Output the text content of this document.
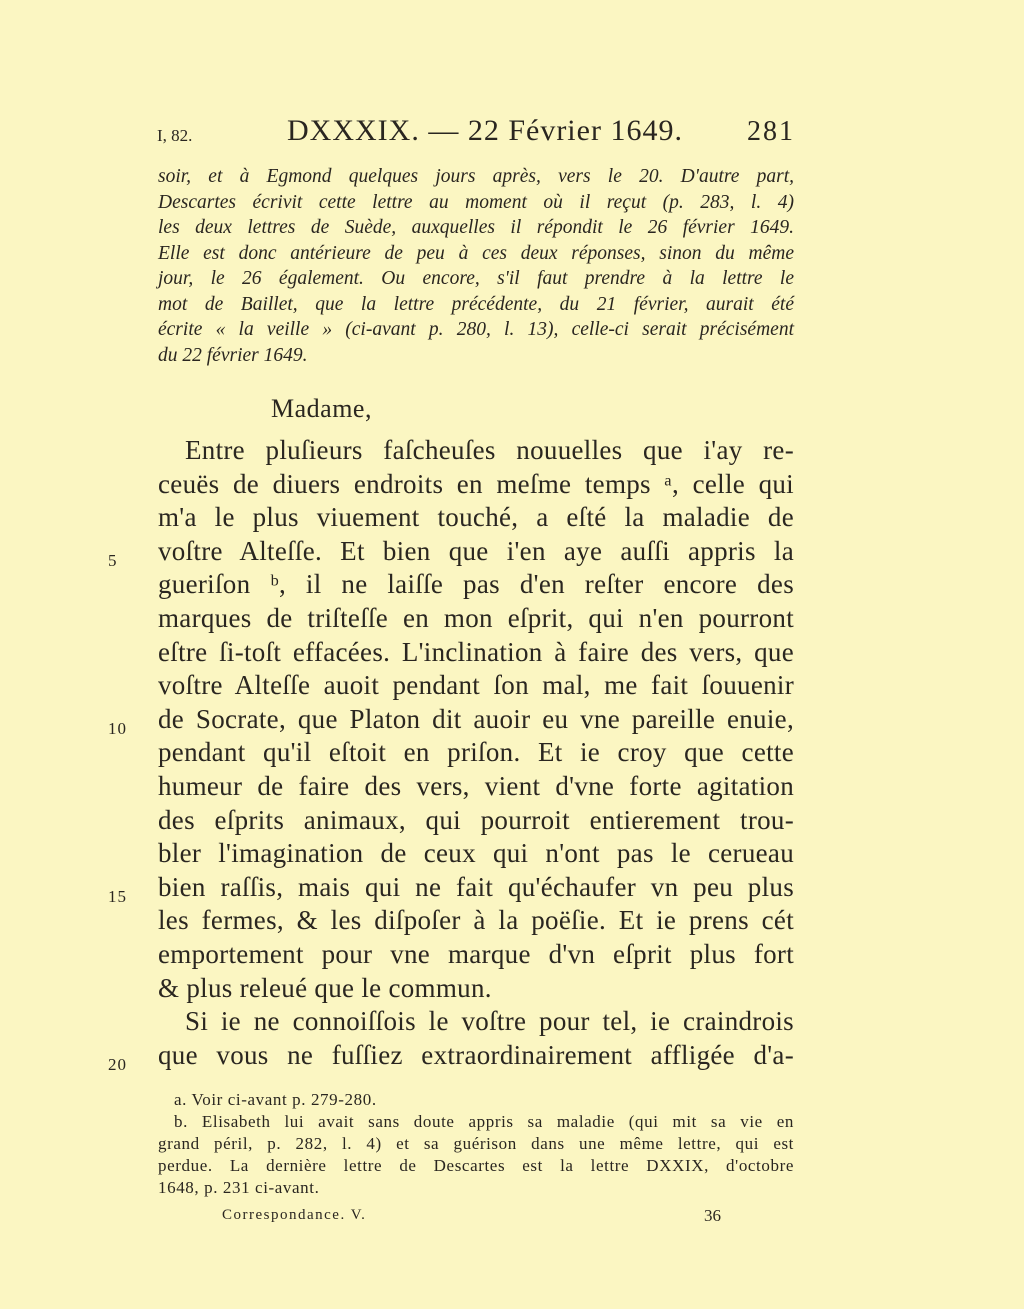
I, 82.	DXXXIX. — 22 Février 1649. 281
soir, et à Egmond quelques jours après, vers le 20. D'autre part,
Descartes écrivit cette lettre au moment où il reçut (p. 283, l. 4)
les deux lettres de Suède, auxquelles il répondit le 26 février 1649.
Elle est donc antérieure de peu à ces deux réponses, sinon du même
jour, le 26 également. Ou encore, s'il faut prendre à la lettre le
mot de Baillet, que la lettre précédente, du 21 février, aurait été
écrite « la veille » (ci-avant p. 280, l. 13), celle-ci serait précisément
du 22 février 1649.
Madame,
Entre pluſieurs faſcheuſes nouuelles que i'ay re-
ceuës de diuers endroits en meſme temps ᵃ, celle qui
m'a le plus viuement touché, a eſté la maladie de
5	voſtre Alteſſe. Et bien que i'en aye auſſi appris la
gueriſon ᵇ, il ne laiſſe pas d'en reſter encore des
marques de triſteſſe en mon eſprit, qui n'en pourront
eſtre ſi-toſt effacées. L'inclination à faire des vers, que
voſtre Alteſſe auoit pendant ſon mal, me fait ſouuenir
10	de Socrate, que Platon dit auoir eu vne pareille enuie,
pendant qu'il eſtoit en priſon. Et ie croy que cette
humeur de faire des vers, vient d'vne forte agitation
des eſprits animaux, qui pourroit entierement trou-
bler l'imagination de ceux qui n'ont pas le cerueau
15	bien raſſis, mais qui ne fait qu'échaufer vn peu plus
les fermes, & les diſpoſer à la poëſie. Et ie prens cét
emportement pour vne marque d'vn eſprit plus fort
& plus releué que le commun.
Si ie ne connoiſſois le voſtre pour tel, ie craindrois
20	que vous ne fuſſiez extraordinairement affligée d'a-
a. Voir ci-avant p. 279-280.
b. Elisabeth lui avait sans doute appris sa maladie (qui mit sa vie en
grand péril, p. 282, l. 4) et sa guérison dans une même lettre, qui est
perdue. La dernière lettre de Descartes est la lettre DXXIX, d'octobre
1648, p. 231 ci-avant.
Correspondance. V.	36
